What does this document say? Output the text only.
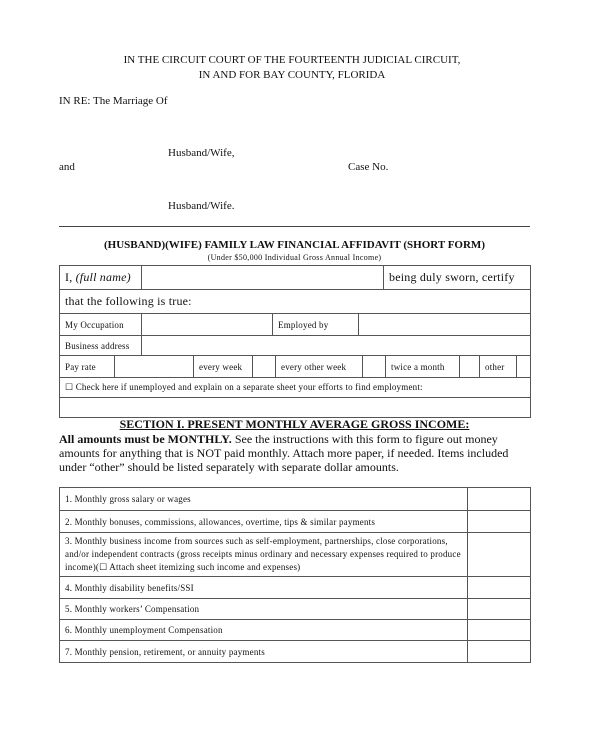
IN THE CIRCUIT COURT OF THE FOURTEENTH JUDICIAL CIRCUIT,
IN AND FOR BAY COUNTY, FLORIDA
IN RE: The Marriage Of
Husband/Wife,
and	Case No.
Husband/Wife.
(HUSBAND)(WIFE) FAMILY LAW FINANCIAL AFFIDAVIT (SHORT FORM)
(Under $50,000 Individual Gross Annual Income)
I, (full name)		being duly sworn, certify
that the following is true:
My Occupation		Employed by	
Business address	
Pay rate		every week		every other week		twice a month		other	
☐ Check here if unemployed and explain on a separate sheet your efforts to find employment:

SECTION I. PRESENT MONTHLY AVERAGE GROSS INCOME:
All amounts must be MONTHLY. See the instructions with this form to figure out money amounts for anything that is NOT paid monthly. Attach more paper, if needed. Items included under “other” should be listed separately with separate dollar amounts.
1. Monthly gross salary or wages	
2. Monthly bonuses, commissions, allowances, overtime, tips & similar payments	
3. Monthly business income from sources such as self-employment, partnerships, close corporations, and/or independent contracts (gross receipts minus ordinary and necessary expenses required to produce income)(☐ Attach sheet itemizing such income and expenses)	
4. Monthly disability benefits/SSI	
5. Monthly workers’ Compensation	
6. Monthly unemployment Compensation	
7. Monthly pension, retirement, or annuity payments	
